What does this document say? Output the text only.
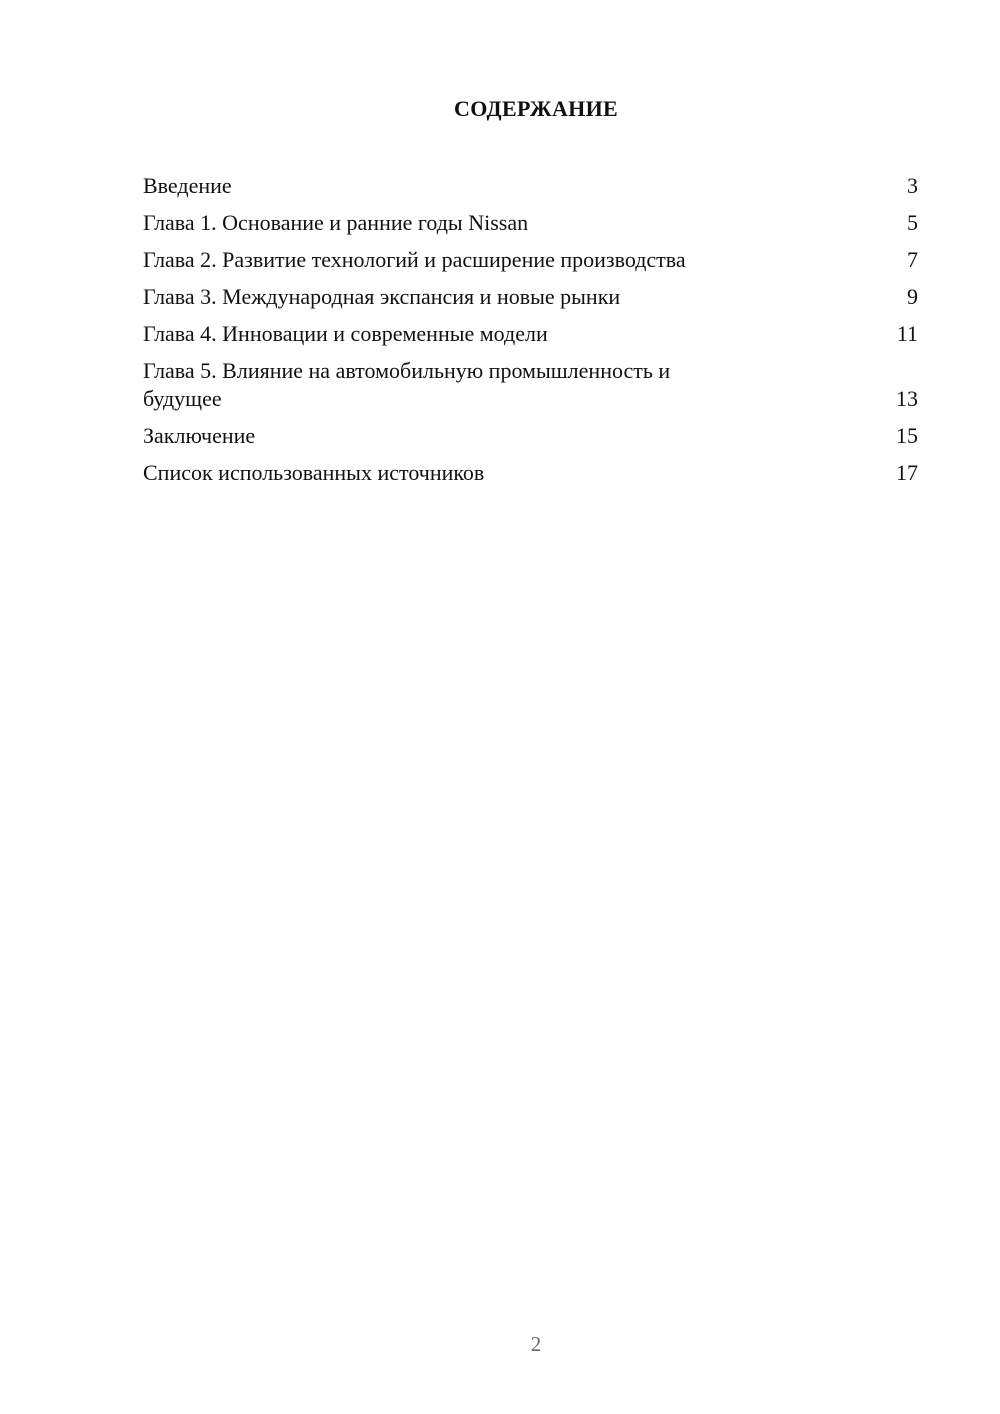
СОДЕРЖАНИЕ
Введение	3
Глава 1. Основание и ранние годы Nissan	5
Глава 2. Развитие технологий и расширение производства	7
Глава 3. Международная экспансия и новые рынки	9
Глава 4. Инновации и современные модели	11
Глава 5. Влияние на автомобильную промышленность и будущее	13
Заключение	15
Список использованных источников	17
2
